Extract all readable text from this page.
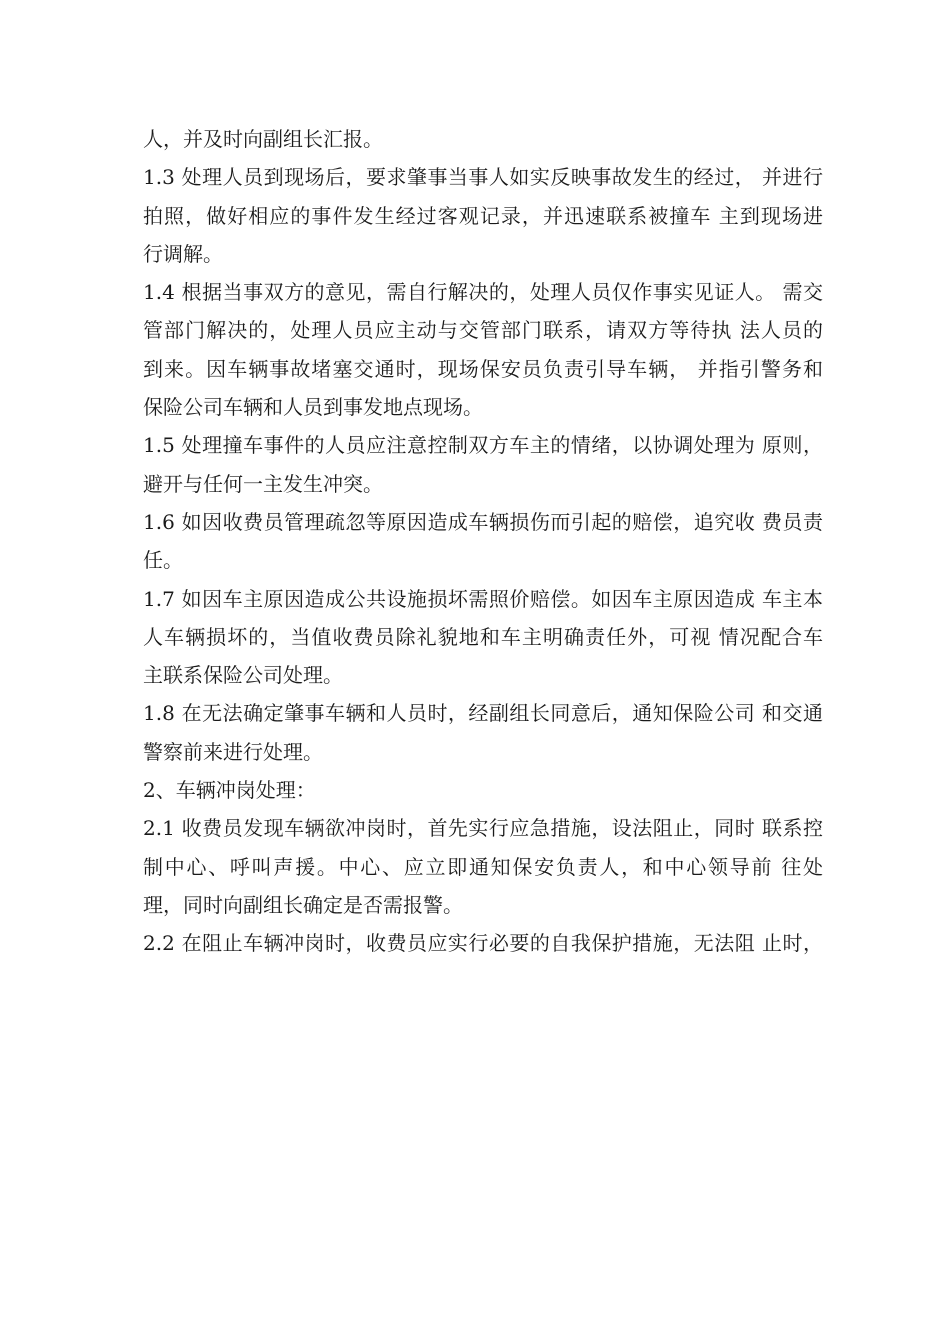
人，并及时向副组长汇报。
1.3 处理人员到现场后，要求肇事当事人如实反映事故发生的经过， 并进行
拍照，做好相应的事件发生经过客观记录，并迅速联系被撞车 主到现场进
行调解。
1.4 根据当事双方的意见，需自行解决的，处理人员仅作事实见证人。 需交
管部门解决的，处理人员应主动与交管部门联系，请双方等待执 法人员的
到来。因车辆事故堵塞交通时，现场保安员负责引导车辆， 并指引警务和
保险公司车辆和人员到事发地点现场。
1.5 处理撞车事件的人员应注意控制双方车主的情绪，以协调处理为 原则，
避开与任何一主发生冲突。
1.6 如因收费员管理疏忽等原因造成车辆损伤而引起的赔偿，追究收 费员责
任。
1.7 如因车主原因造成公共设施损坏需照价赔偿。如因车主原因造成 车主本
人车辆损坏的，当值收费员除礼貌地和车主明确责任外，可视 情况配合车
主联系保险公司处理。
1.8 在无法确定肇事车辆和人员时，经副组长同意后，通知保险公司 和交通
警察前来进行处理。
2、车辆冲岗处理：
2.1 收费员发现车辆欲冲岗时，首先实行应急措施，设法阻止，同时 联系控
制中心、呼叫声援。中心、应立即通知保安负责人，和中心领导前 往处
理，同时向副组长确定是否需报警。
2.2 在阻止车辆冲岗时，收费员应实行必要的自我保护措施，无法阻 止时，
